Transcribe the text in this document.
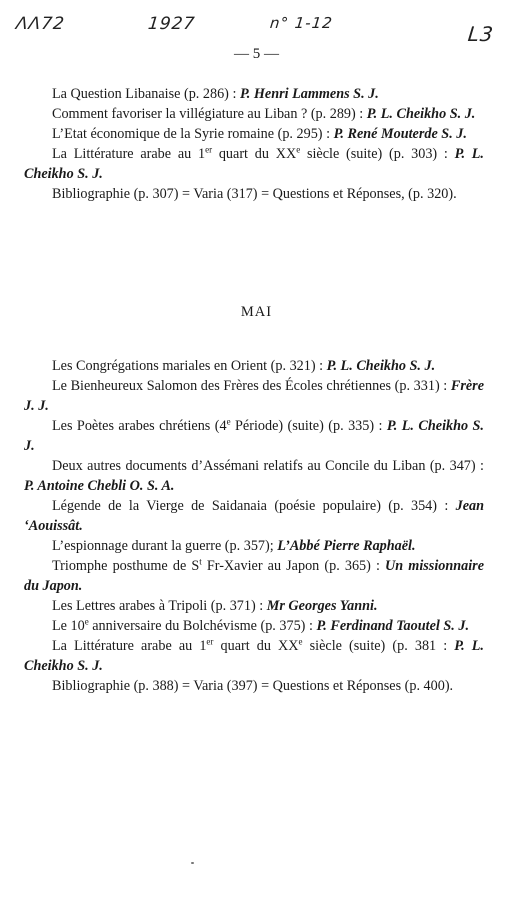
ΛΛ72	1927	n° 1-12	L3
— 5 —

La Question Libanaise (p. 286) : P. Henri Lammens S. J.

Comment favoriser la villégiature au Liban ? (p. 289) : P. L. Cheikho S. J.

L’Etat économique de la Syrie romaine (p. 295) : P. René Mouterde S. J.

La Littérature arabe au 1er quart du XXe siècle (suite) (p. 303) : P. L. Cheikho S. J.

Bibliographie (p. 307) = Varia (317) = Questions et Réponses, (p. 320).

MAI

Les Congrégations mariales en Orient (p. 321) : P. L. Cheikho S. J.

Le Bienheureux Salomon des Frères des Écoles chrétiennes (p. 331) : Frère J. J.

Les Poètes arabes chrétiens (4e Période) (suite) (p. 335) : P. L. Cheikho S. J.

Deux autres documents d’Assémani relatifs au Concile du Liban (p. 347) : P. Antoine Chebli O. S. A.

Légende de la Vierge de Saidanaia (poésie populaire) (p. 354) : Jean ‘Aouissât.

L’espionnage durant la guerre (p. 357); L’Abbé Pierre Raphaël.

Triomphe posthume de $S^t$ Fr-Xavier au Japon (p. 365) : Un missionnaire du Japon.

Les Lettres arabes à Tripoli (p. 371) : Mr Georges Yanni.

Le 10e anniversaire du Bolchévisme (p. 375) : P. Ferdinand Taoutel S. J.

La Littérature arabe au 1er quart du XXe siècle (suite) (p. 381 : P. L. Cheikho S. J.

Bibliographie (p. 388) = Varia (397) = Questions et Réponses (p. 400).
